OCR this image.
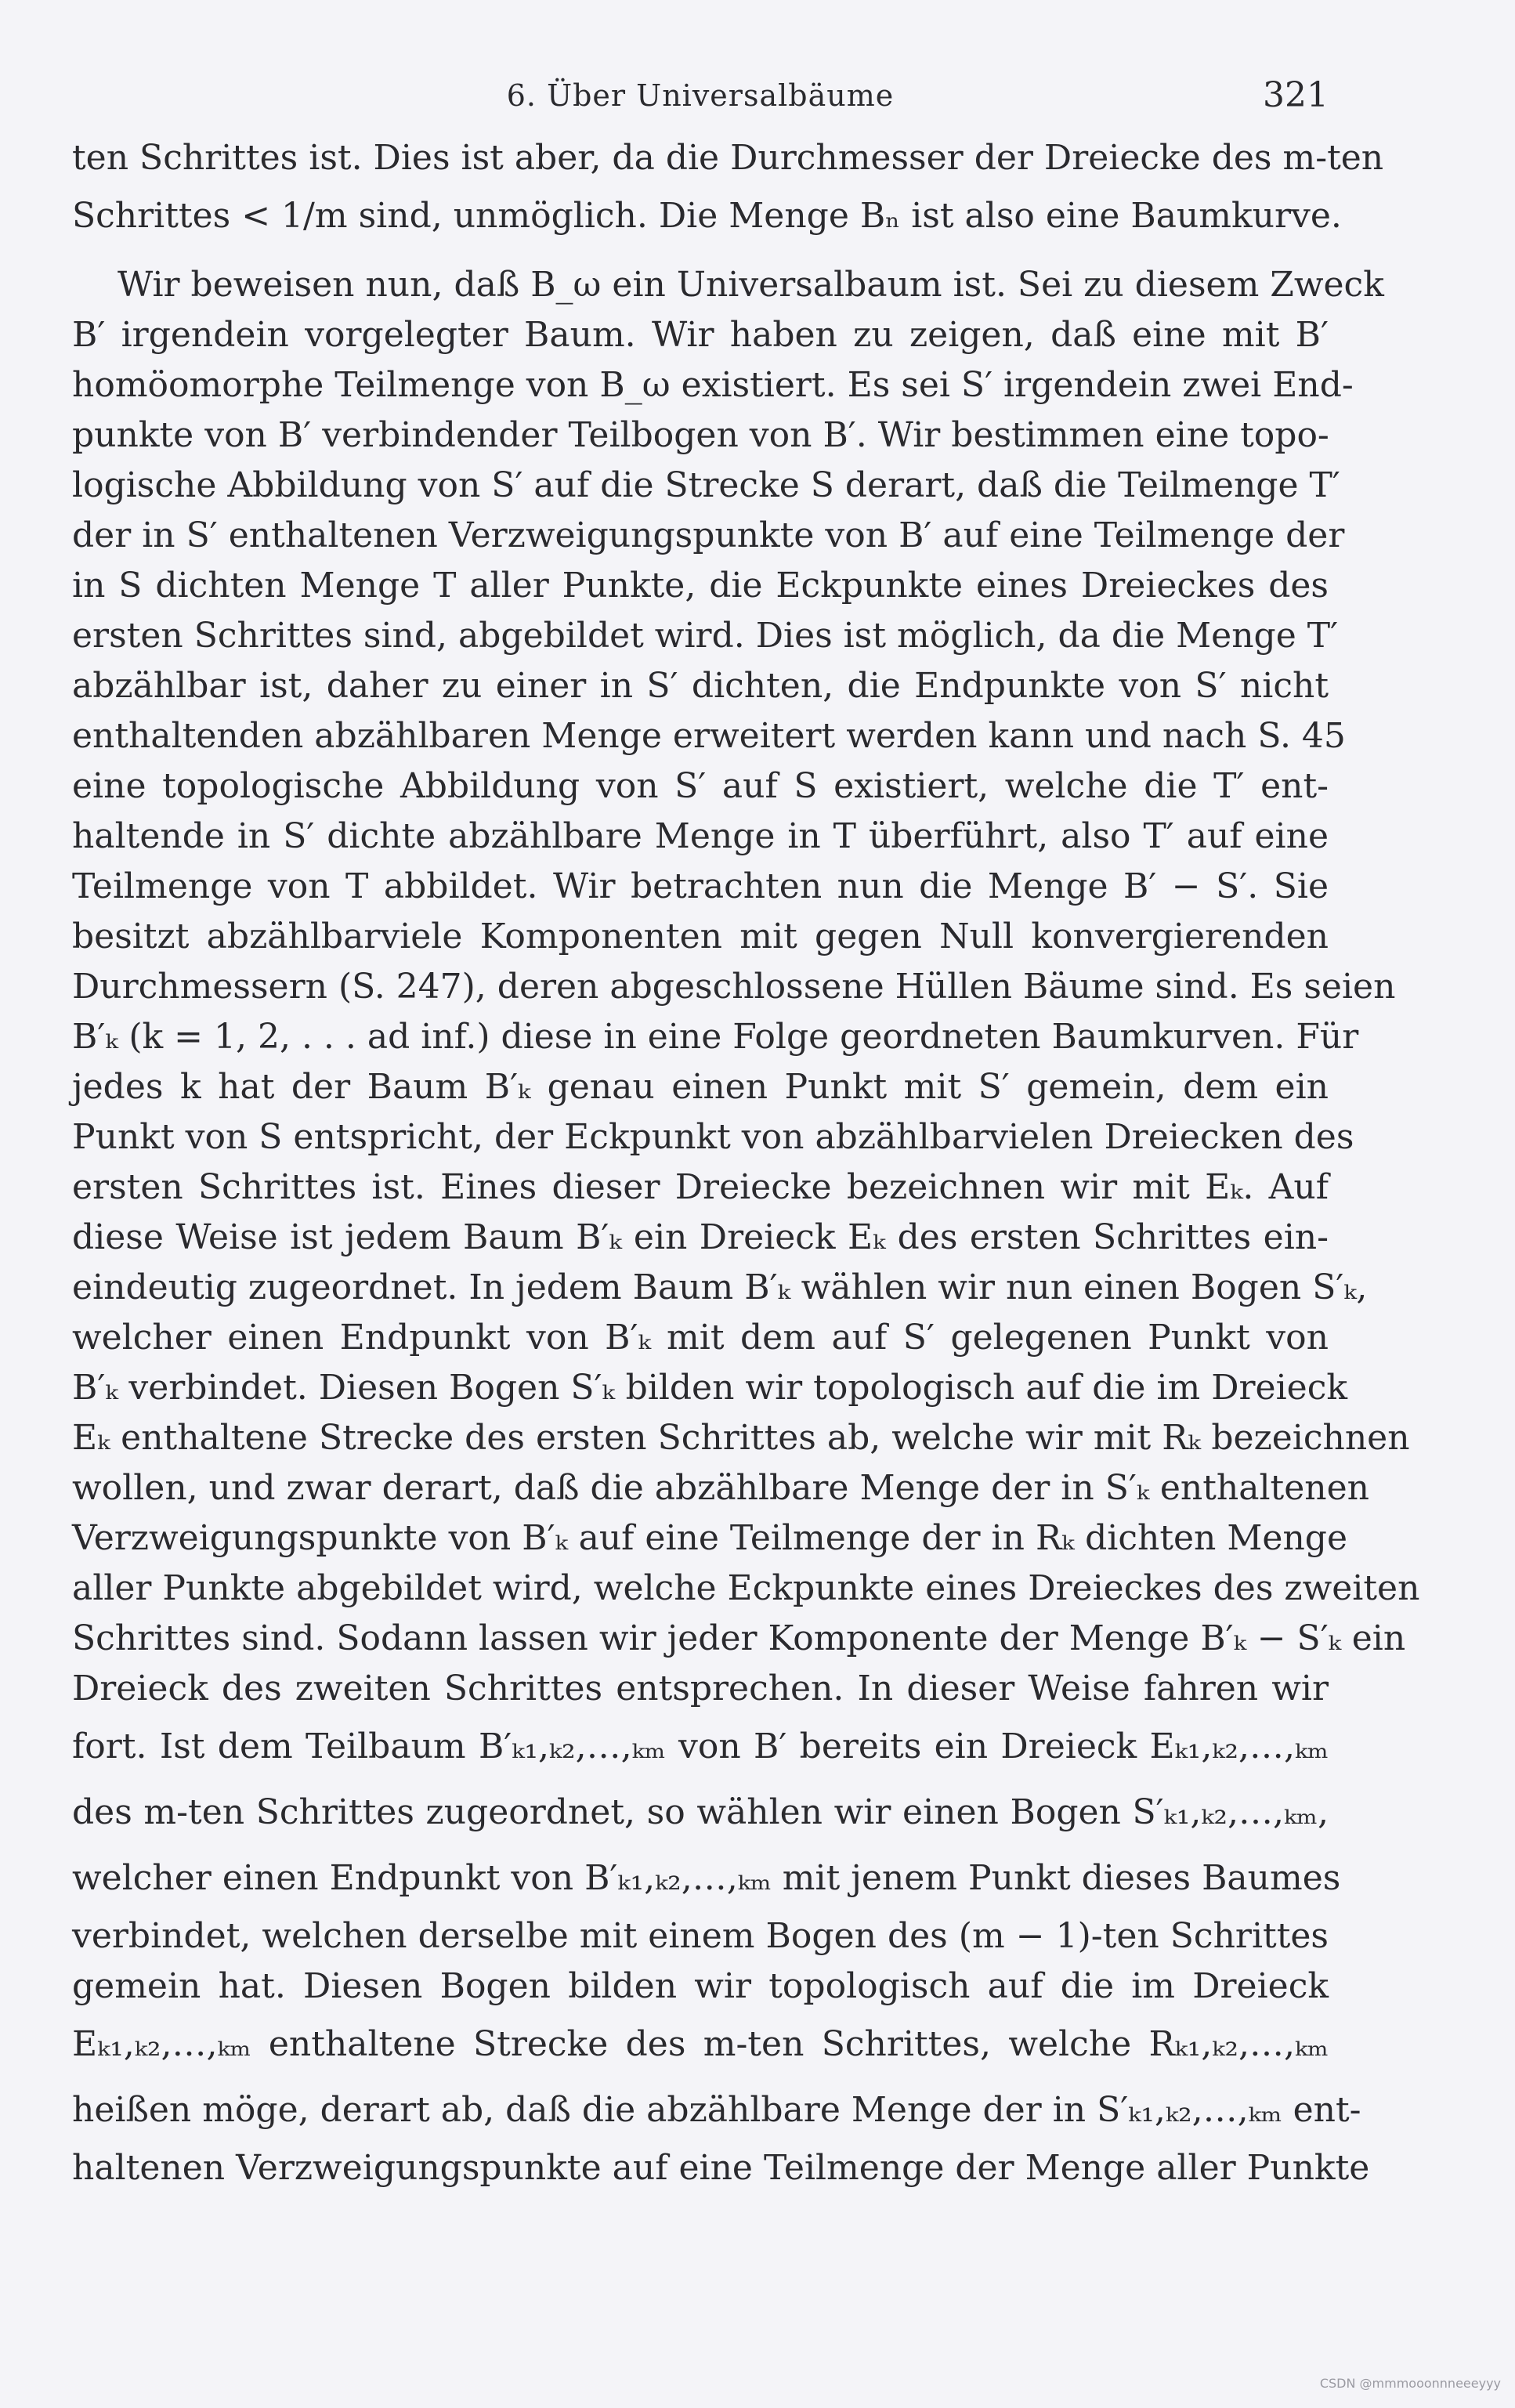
6. Über Universalbäume	321
ten Schrittes ist. Dies ist aber, da die Durchmesser der Dreiecke des m-ten
Schrittes < 1/m sind, unmöglich. Die Menge Bₙ ist also eine Baumkurve.
Wir beweisen nun, daß B_ω ein Universalbaum ist. Sei zu diesem Zweck
B′ irgendein vorgelegter Baum. Wir haben zu zeigen, daß eine mit B′
homöomorphe Teilmenge von B_ω existiert. Es sei S′ irgendein zwei End-
punkte von B′ verbindender Teilbogen von B′. Wir bestimmen eine topo-
logische Abbildung von S′ auf die Strecke S derart, daß die Teilmenge T′
der in S′ enthaltenen Verzweigungspunkte von B′ auf eine Teilmenge der
in S dichten Menge T aller Punkte, die Eckpunkte eines Dreieckes des
ersten Schrittes sind, abgebildet wird. Dies ist möglich, da die Menge T′
abzählbar ist, daher zu einer in S′ dichten, die Endpunkte von S′ nicht
enthaltenden abzählbaren Menge erweitert werden kann und nach S. 45
eine topologische Abbildung von S′ auf S existiert, welche die T′ ent-
haltende in S′ dichte abzählbare Menge in T überführt, also T′ auf eine
Teilmenge von T abbildet. Wir betrachten nun die Menge B′ − S′. Sie
besitzt abzählbarviele Komponenten mit gegen Null konvergierenden
Durchmessern (S. 247), deren abgeschlossene Hüllen Bäume sind. Es seien
B′ₖ (k = 1, 2, . . . ad inf.) diese in eine Folge geordneten Baumkurven. Für
jedes k hat der Baum B′ₖ genau einen Punkt mit S′ gemein, dem ein
Punkt von S entspricht, der Eckpunkt von abzählbarvielen Dreiecken des
ersten Schrittes ist. Eines dieser Dreiecke bezeichnen wir mit Eₖ. Auf
diese Weise ist jedem Baum B′ₖ ein Dreieck Eₖ des ersten Schrittes ein-
eindeutig zugeordnet. In jedem Baum B′ₖ wählen wir nun einen Bogen S′ₖ,
welcher einen Endpunkt von B′ₖ mit dem auf S′ gelegenen Punkt von
B′ₖ verbindet. Diesen Bogen S′ₖ bilden wir topologisch auf die im Dreieck
Eₖ enthaltene Strecke des ersten Schrittes ab, welche wir mit Rₖ bezeichnen
wollen, und zwar derart, daß die abzählbare Menge der in S′ₖ enthaltenen
Verzweigungspunkte von B′ₖ auf eine Teilmenge der in Rₖ dichten Menge
aller Punkte abgebildet wird, welche Eckpunkte eines Dreieckes des zweiten
Schrittes sind. Sodann lassen wir jeder Komponente der Menge B′ₖ − S′ₖ ein
Dreieck des zweiten Schrittes entsprechen. In dieser Weise fahren wir
fort. Ist dem Teilbaum B′ₖ₁,ₖ₂,…,ₖₘ von B′ bereits ein Dreieck Eₖ₁,ₖ₂,…,ₖₘ
des m-ten Schrittes zugeordnet, so wählen wir einen Bogen S′ₖ₁,ₖ₂,…,ₖₘ,
welcher einen Endpunkt von B′ₖ₁,ₖ₂,…,ₖₘ mit jenem Punkt dieses Baumes
verbindet, welchen derselbe mit einem Bogen des (m − 1)-ten Schrittes
gemein hat. Diesen Bogen bilden wir topologisch auf die im Dreieck
Eₖ₁,ₖ₂,…,ₖₘ enthaltene Strecke des m-ten Schrittes, welche Rₖ₁,ₖ₂,…,ₖₘ
heißen möge, derart ab, daß die abzählbare Menge der in S′ₖ₁,ₖ₂,…,ₖₘ ent-
haltenen Verzweigungspunkte auf eine Teilmenge der Menge aller Punkte
CSDN @mmmooonnneeeyyy
